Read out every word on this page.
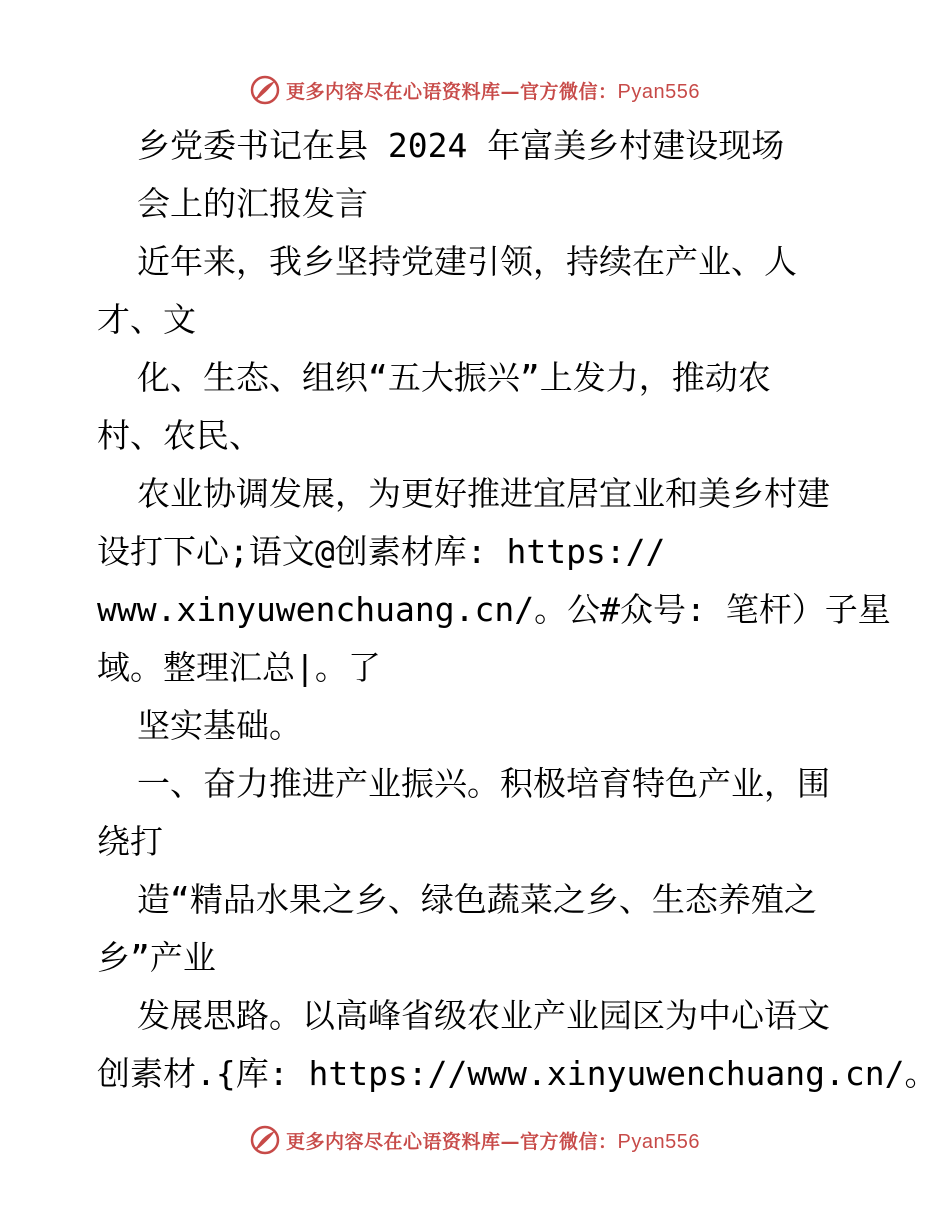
更多内容尽在心语资料库—官方微信：Pyan556
乡党委书记在县 2024 年富美乡村建设现场
会上的汇报发言
近年来，我乡坚持党建引领，持续在产业、人
才、文
化、生态、组织“五大振兴”上发力，推动农
村、农民、
农业协调发展，为更好推进宜居宜业和美乡村建
设打下心;语文@创素材库: https://
www.xinyuwenchuang.cn/。公#众号: 笔杆）子星
域。整理汇总|。了
坚实基础。
一、奋力推进产业振兴。积极培育特色产业，围
绕打
造“精品水果之乡、绿色蔬菜之乡、生态养殖之
乡”产业
发展思路。以高峰省级农业产业园区为中心语文
创素材.{库: https://www.xinyuwenchuang.cn/。
更多内容尽在心语资料库—官方微信：Pyan556
